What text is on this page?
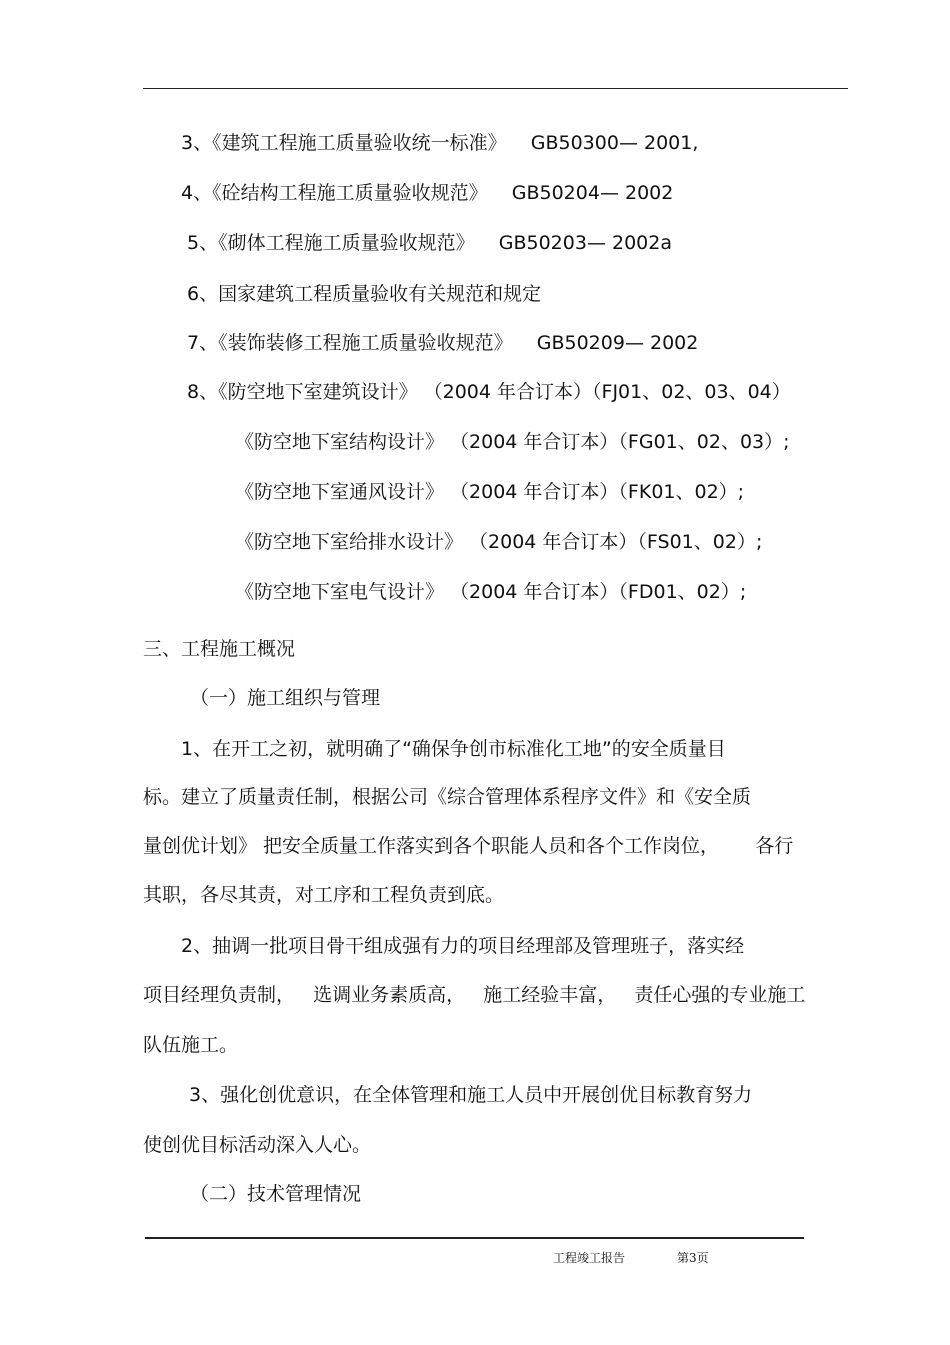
3、《建筑工程施工质量验收统一标准》    GB50300— 2001,
4、《砼结构工程施工质量验收规范》    GB50204— 2002
5、《砌体工程施工质量验收规范》    GB50203— 2002a
6、国家建筑工程质量验收有关规范和规定
7、《装饰装修工程施工质量验收规范》    GB50209— 2002
8、《防空地下室建筑设计》 （2004 年合订本）（FJ01、02、03、04）
《防空地下室结构设计》 （2004 年合订本）（FG01、02、03）;
《防空地下室通风设计》 （2004 年合订本）（FK01、02）;
《防空地下室给排水设计》 （2004 年合订本）（FS01、02）;
《防空地下室电气设计》 （2004 年合订本）（FD01、02）;
三、工程施工概况
（一）施工组织与管理
1、在开工之初，就明确了“确保争创市标准化工地”的安全质量目
标。建立了质量责任制，根据公司《综合管理体系程序文件》和《安全质
量创优计划》 把安全质量工作落实到各个职能人员和各个工作岗位，      各行
其职，各尽其责，对工序和工程负责到底。
2、抽调一批项目骨干组成强有力的项目经理部及管理班子，落实经
项目经理负责制，   选调业务素质高，   施工经验丰富，   责任心强的专业施工
队伍施工。
3、强化创优意识，在全体管理和施工人员中开展创优目标教育努力
使创优目标活动深入人心。
（二）技术管理情况
工程竣工报告	第3页
